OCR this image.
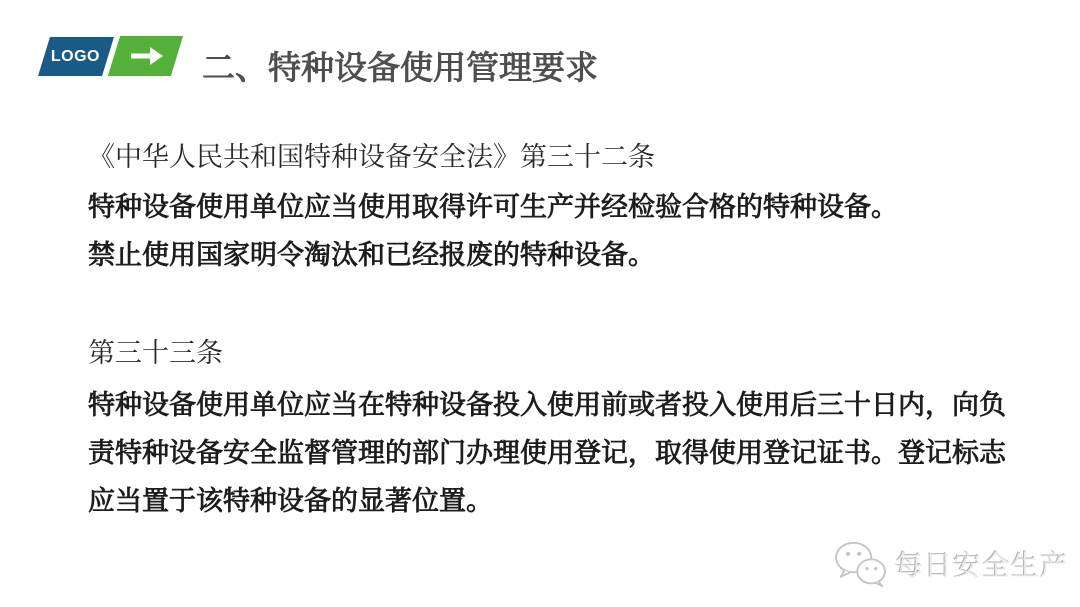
LOGO	二、特种设备使用管理要求
《中华人民共和国特种设备安全法》第三十二条
特种设备使用单位应当使用取得许可生产并经检验合格的特种设备。
禁止使用国家明令淘汰和已经报废的特种设备。
第三十三条
特种设备使用单位应当在特种设备投入使用前或者投入使用后三十日内，向负
责特种设备安全监督管理的部门办理使用登记，取得使用登记证书。登记标志
应当置于该特种设备的显著位置。
每日安全生产
